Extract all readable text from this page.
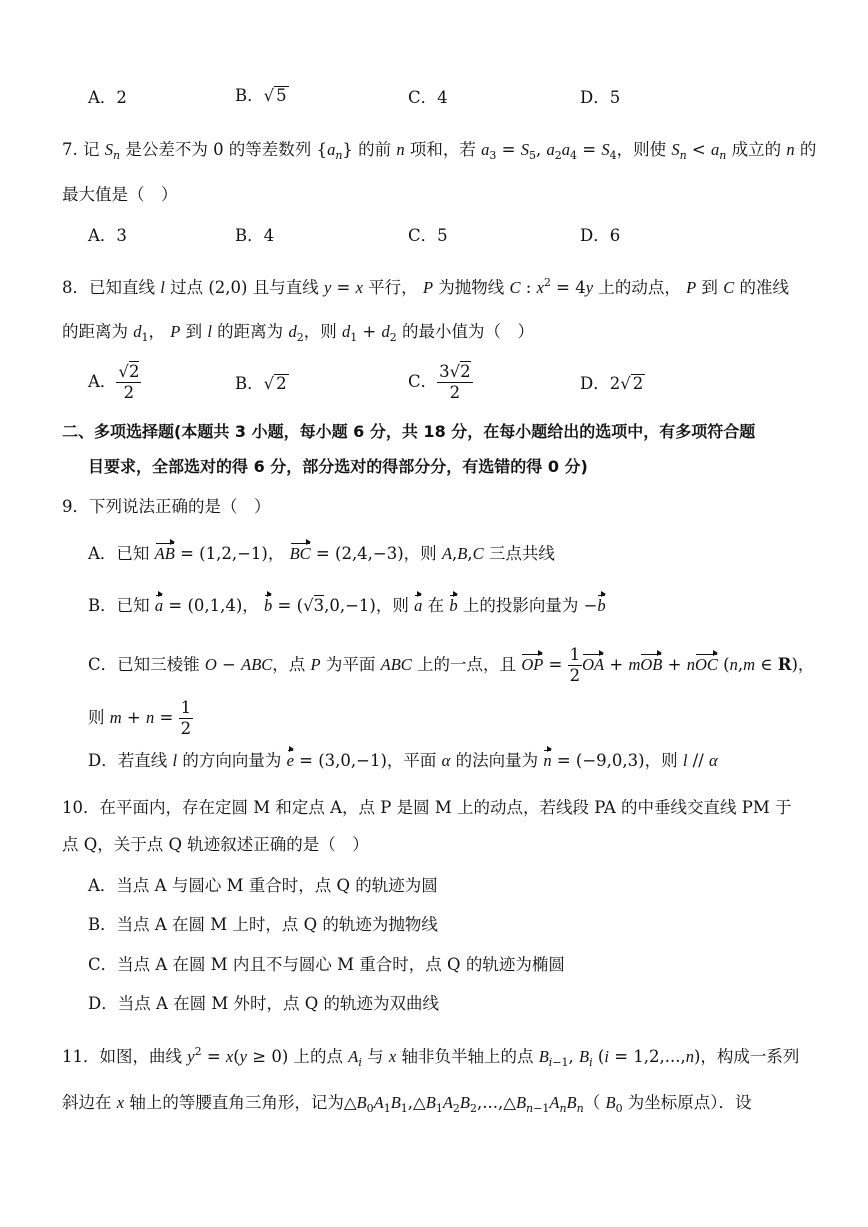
A．2	B．√ 5	C．4	D．5
7. 记 $S_n$ 是公差不为 0 的等差数列 $\{a_n\}$ 的前 n 项和，若 $a_3 = S_5$, $a_2a_4 = S_4$，则使 $S_n < a_n$ 成立的 n 的
最大值是（　）
A．3	B．4	C．5	D．6
8．已知直线 l 过点 (2,0) 且与直线 y = x 平行， P 为抛物线 C : $x^2 = 4y$ 上的动点， P 到 C 的准线
的距离为 $d_1$， P 到 l 的距离为 $d_2$，则 $d_1 + d_2$ 的最小值为（　）
A． $\frac{√2}{2}$	B．√ 2	C． $\frac{3√2}{2}$	D．2√ 2
二、多项选择题(本题共 3 小题，每小题 6 分，共 18 分，在每小题给出的选项中，有多项符合题
目要求，全部选对的得 6 分，部分选对的得部分分，有选错的得 0 分)
9．下列说法正确的是（　）
A．已知 AB = (1,2,−1)， BC = (2,4,−3)，则 A,B,C 三点共线
B．已知 a = (0,1,4)， b = (√3,0,−1)，则 a 在 b 上的投影向量为 −b
C．已知三棱锥 O − ABC，点 P 为平面 ABC 上的一点，且 OP = $\frac{1}{2}$ OA + mOB + nOC (n,m ∈ R)，
则 $m + n = \frac{1}{2}$
D．若直线 l 的方向向量为 e = (3,0,−1)，平面 α 的法向量为 n = (−9,0,3)，则 l // α
10．在平面内，存在定圆 M 和定点 A，点 P 是圆 M 上的动点，若线段 PA 的中垂线交直线 PM 于
点 Q，关于点 Q 轨迹叙述正确的是（　）
A．当点 A 与圆心 M 重合时，点 Q 的轨迹为圆
B．当点 A 在圆 M 上时，点 Q 的轨迹为抛物线
C．当点 A 在圆 M 内且不与圆心 M 重合时，点 Q 的轨迹为椭圆
D．当点 A 在圆 M 外时，点 Q 的轨迹为双曲线
11．如图，曲线 $y^2 = x(y \ge 0)$ 上的点 $A_i$ 与 x 轴非负半轴上的点 $B_{i-1}$, $B_i$ (i = 1,2,...,n)，构成一系列
斜边在 x 轴上的等腰直角三角形，记为$\triangle B_0A_1B_1,\triangle B_1A_2B_2,...,\triangle B_{n-1}A_nB_n$（ $B_0$ 为坐标原点）．设
